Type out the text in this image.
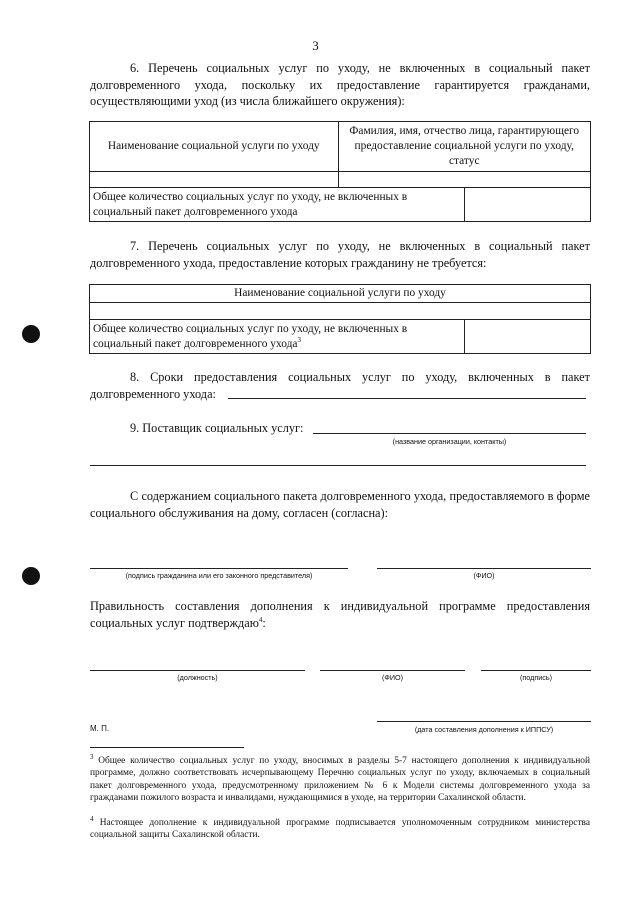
3

6. Перечень социальных услуг по уходу, не включенных в социальный пакет долговременного ухода, поскольку их предоставление гарантируется гражданами, осуществляющими уход (из числа ближайшего окружения):

Наименование социальной услуги по уходу	Фамилия, имя, отчество лица, гарантирующего предоставление социальной услуги по уходу, статус	

Общее количество социальных услуг по уходу, не включенных в социальный пакет долговременного ухода		

7. Перечень социальных услуг по уходу, не включенных в социальный пакет долговременного ухода, предоставление которых гражданину не требуется:

Наименование социальной услуги по уходу

Общее количество социальных услуг по уходу, не включенных в социальный пакет долговременного ухода$^3$	

8. Сроки предоставления социальных услуг по уходу, включенных в пакет долговременного ухода:

9. Поставщик социальных услуг:

(название организации, контакты)

С содержанием социального пакета долговременного ухода, предоставляемого в форме социального обслуживания на дому, согласен (согласна):

(подпись гражданина или его законного представителя)	(ФИО)

Правильность составления дополнения к индивидуальной программе предоставления социальных услуг подтверждаю$^4$:

(должность)	(ФИО)	(подпись)
М. П.	(дата составления дополнения к ИППСУ)

$^3$ Общее количество социальных услуг по уходу, вносимых в разделы 5-7 настоящего дополнения к индивидуальной программе, должно соответствовать исчерпывающему Перечню социальных услуг по уходу, включаемых в социальный пакет долговременного ухода, предусмотренному приложением № 6 к Модели системы долговременного ухода за гражданами пожилого возраста и инвалидами, нуждающимися в уходе, на территории Сахалинской области.

$^4$ Настоящее дополнение к индивидуальной программе подписывается уполномоченным сотрудником министерства социальной защиты Сахалинской области.
